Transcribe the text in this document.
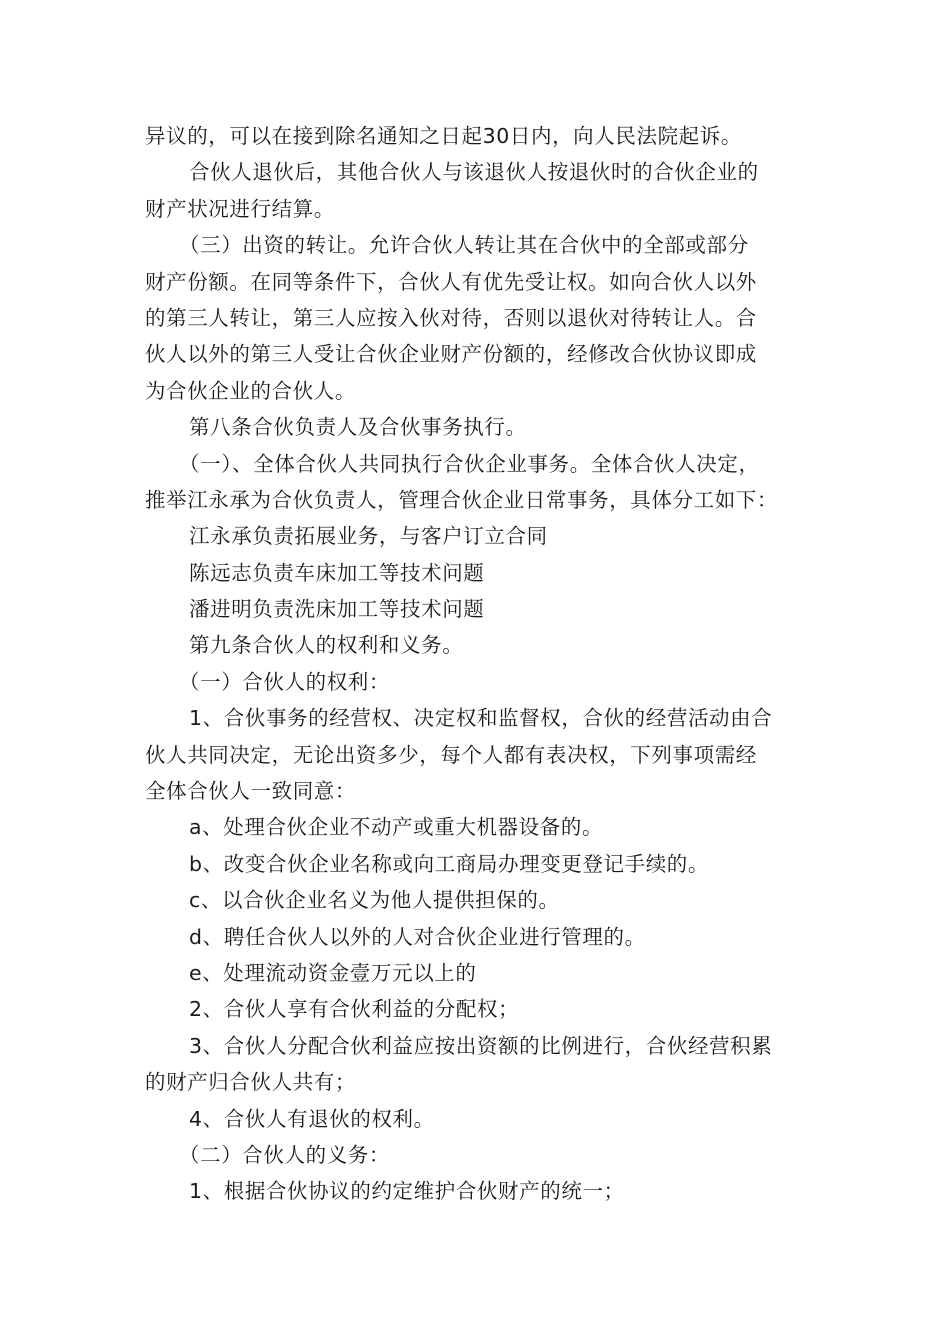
异议的，可以在接到除名通知之日起30日内，向人民法院起诉。
合伙人退伙后，其他合伙人与该退伙人按退伙时的合伙企业的
财产状况进行结算。
（三）出资的转让。允许合伙人转让其在合伙中的全部或部分
财产份额。在同等条件下，合伙人有优先受让权。如向合伙人以外
的第三人转让，第三人应按入伙对待，否则以退伙对待转让人。合
伙人以外的第三人受让合伙企业财产份额的，经修改合伙协议即成
为合伙企业的合伙人。
第八条合伙负责人及合伙事务执行。
（一）、全体合伙人共同执行合伙企业事务。全体合伙人决定，
推举江永承为合伙负责人，管理合伙企业日常事务，具体分工如下：
江永承负责拓展业务，与客户订立合同
陈远志负责车床加工等技术问题
潘进明负责洗床加工等技术问题
第九条合伙人的权利和义务。
（一）合伙人的权利：
1、合伙事务的经营权、决定权和监督权，合伙的经营活动由合
伙人共同决定，无论出资多少，每个人都有表决权，下列事项需经
全体合伙人一致同意：
a、处理合伙企业不动产或重大机器设备的。
b、改变合伙企业名称或向工商局办理变更登记手续的。
c、以合伙企业名义为他人提供担保的。
d、聘任合伙人以外的人对合伙企业进行管理的。
e、处理流动资金壹万元以上的
2、合伙人享有合伙利益的分配权；
3、合伙人分配合伙利益应按出资额的比例进行，合伙经营积累
的财产归合伙人共有；
4、合伙人有退伙的权利。
（二）合伙人的义务：
1、根据合伙协议的约定维护合伙财产的统一；
